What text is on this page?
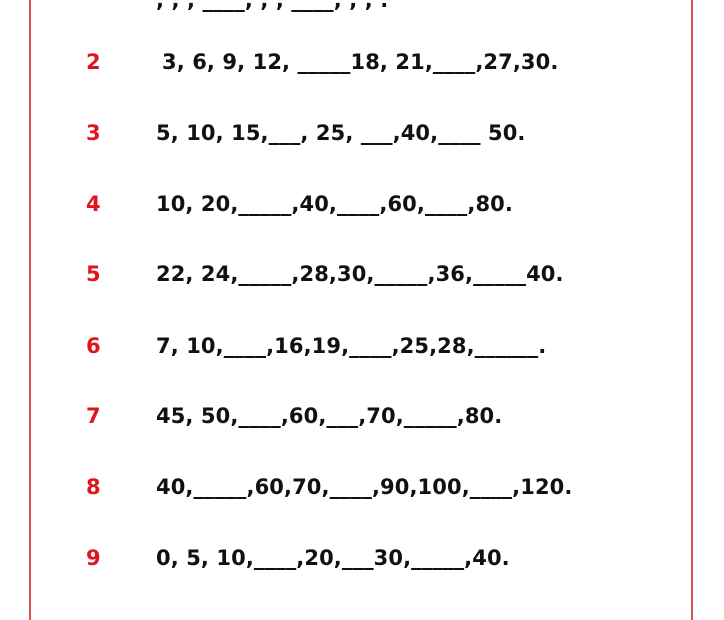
, , , ____, , , ____, , , .
2	3, 6, 9, 12, _____18, 21,____,27,30.
3	5, 10, 15,___, 25, ___,40,____ 50.
4	10, 20,_____,40,____,60,____,80.
5	22, 24,_____,28,30,_____,36,_____40.
6	7, 10,____,16,19,____,25,28,______.
7	45, 50,____,60,___,70,_____,80.
8	40,_____,60,70,____,90,100,____,120.
9	0, 5, 10,____,20,___30,_____,40.
